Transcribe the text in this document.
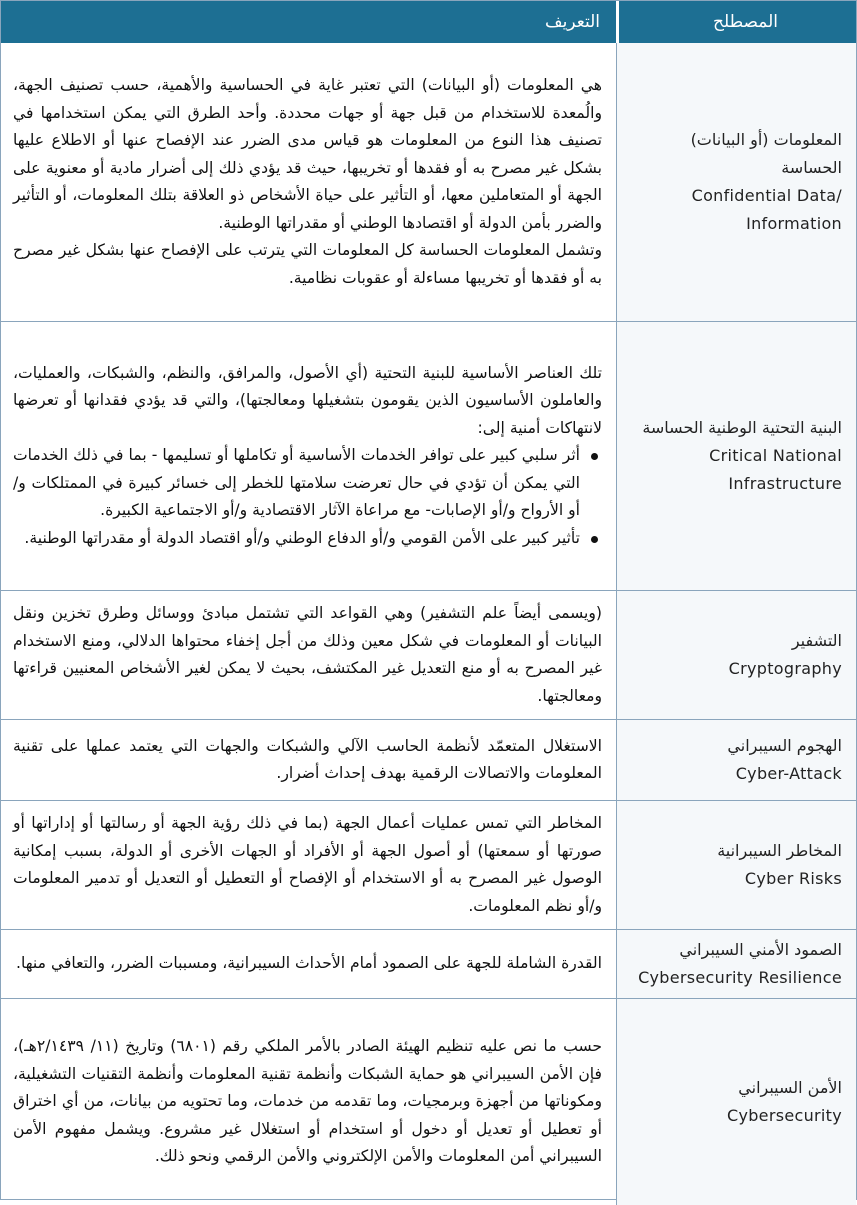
المصطلح
التعريف
المعلومات (أو البيانات) الحساسة
Confidential Data/ Information

هي المعلومات (أو البيانات) التي تعتبر غاية في الحساسية والأهمية، حسب تصنيف الجهة، والُمعدة للاستخدام من قبل جهة أو جهات محددة. وأحد الطرق التي يمكن استخدامها في تصنيف هذا النوع من المعلومات هو قياس مدى الضرر عند الإفصاح عنها أو الاطلاع عليها بشكل غير مصرح به أو فقدها أو تخريبها، حيث قد يؤدي ذلك إلى أضرار مادية أو معنوية على الجهة أو المتعاملين معها، أو التأثير على حياة الأشخاص ذو العلاقة بتلك المعلومات، أو التأثير والضرر بأمن الدولة أو اقتصادها الوطني أو مقدراتها الوطنية.

وتشمل المعلومات الحساسة كل المعلومات التي يترتب على الإفصاح عنها بشكل غير مصرح به أو فقدها أو تخريبها مساءلة أو عقوبات نظامية.

البنية التحتية الوطنية الحساسة
Critical National Infrastructure

تلك العناصر الأساسية للبنية التحتية (أي الأصول، والمرافق، والنظم، والشبكات، والعمليات، والعاملون الأساسيون الذين يقومون بتشغيلها ومعالجتها)، والتي قد يؤدي فقدانها أو تعرضها لانتهاكات أمنية إلى:

أثر سلبي كبير على توافر الخدمات الأساسية أو تكاملها أو تسليمها - بما في ذلك الخدمات التي يمكن أن تؤدي في حال تعرضت سلامتها للخطر إلى خسائر كبيرة في الممتلكات و/أو الأرواح و/أو الإصابات- مع مراعاة الآثار الاقتصادية و/أو الاجتماعية الكبيرة.
تأثير كبير على الأمن القومي و/أو الدفاع الوطني و/أو اقتصاد الدولة أو مقدراتها الوطنية.
التشفير
Cryptography

(ويسمى أيضاً علم التشفير) وهي القواعد التي تشتمل مبادئ ووسائل وطرق تخزين ونقل البيانات أو المعلومات في شكل معين وذلك من أجل إخفاء محتواها الدلالي، ومنع الاستخدام غير المصرح به أو منع التعديل غير المكتشف، بحيث لا يمكن لغير الأشخاص المعنيين قراءتها ومعالجتها.

الهجوم السيبراني
Cyber-Attack

الاستغلال المتعمّد لأنظمة الحاسب الآلي والشبكات والجهات التي يعتمد عملها على تقنية المعلومات والاتصالات الرقمية بهدف إحداث أضرار.

المخاطر السيبرانية
Cyber Risks

المخاطر التي تمس عمليات أعمال الجهة (بما في ذلك رؤية الجهة أو رسالتها أو إداراتها أو صورتها أو سمعتها) أو أصول الجهة أو الأفراد أو الجهات الأخرى أو الدولة، بسبب إمكانية الوصول غير المصرح به أو الاستخدام أو الإفصاح أو التعطيل أو التعديل أو تدمير المعلومات و/أو نظم المعلومات.

الصمود الأمني السيبراني
Cybersecurity Resilience

القدرة الشاملة للجهة على الصمود أمام الأحداث السيبرانية، ومسببات الضرر، والتعافي منها.

الأمن السيبراني
Cybersecurity

حسب ما نص عليه تنظيم الهيئة الصادر بالأمر الملكي رقم (٦٨٠١) وتاريخ (١١/ ٢/١٤٣٩هـ)، فإن الأمن السيبراني هو حماية الشبكات وأنظمة تقنية المعلومات وأنظمة التقنيات التشغيلية، ومكوناتها من أجهزة وبرمجيات، وما تقدمه من خدمات، وما تحتويه من بيانات، من أي اختراق أو تعطيل أو تعديل أو دخول أو استخدام أو استغلال غير مشروع. ويشمل مفهوم الأمن السيبراني أمن المعلومات والأمن الإلكتروني والأمن الرقمي ونحو ذلك.
